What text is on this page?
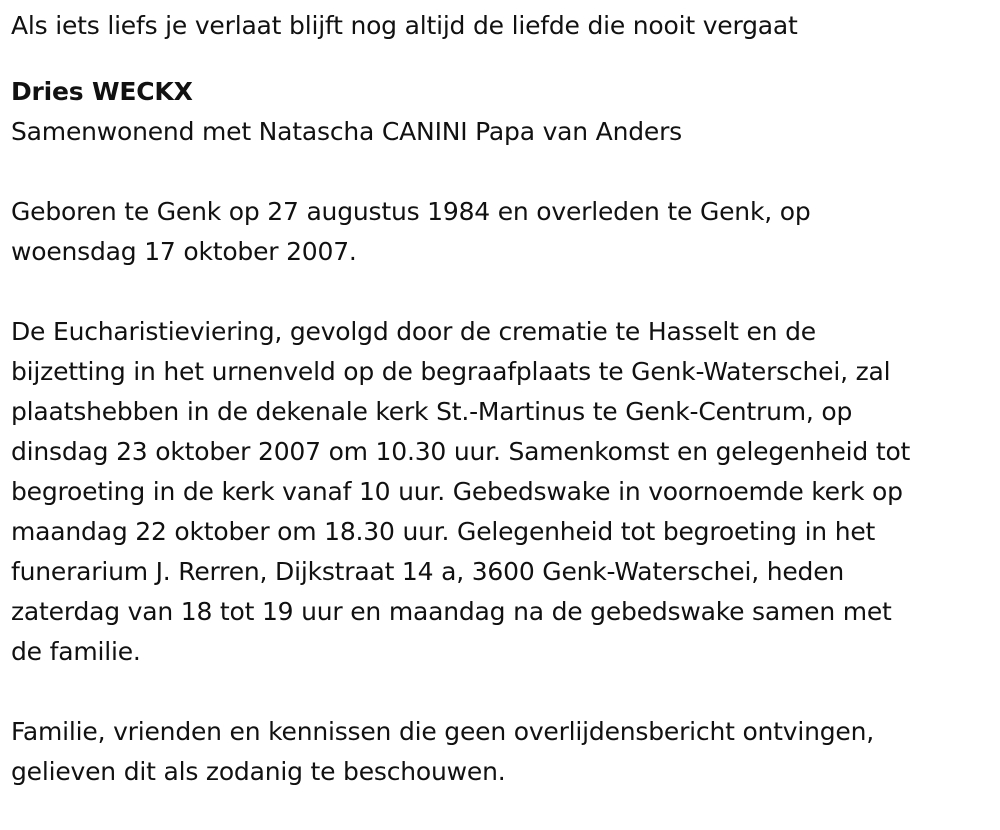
Als iets liefs je verlaat blijft nog altijd de liefde die nooit vergaat

Dries WECKX

Samenwonend met Natascha CANINI Papa van Anders

Geboren te Genk op 27 augustus 1984 en overleden te Genk, op

woensdag 17 oktober 2007.

De Eucharistieviering, gevolgd door de crematie te Hasselt en de

bijzetting in het urnenveld op de begraafplaats te Genk-Waterschei, zal

plaatshebben in de dekenale kerk St.-Martinus te Genk-Centrum, op

dinsdag 23 oktober 2007 om 10.30 uur. Samenkomst en gelegenheid tot

begroeting in de kerk vanaf 10 uur. Gebedswake in voornoemde kerk op

maandag 22 oktober om 18.30 uur. Gelegenheid tot begroeting in het

funerarium J. Rerren, Dijkstraat 14 a, 3600 Genk-Waterschei, heden

zaterdag van 18 tot 19 uur en maandag na de gebedswake samen met

de familie.

Familie, vrienden en kennissen die geen overlijdensbericht ontvingen,

gelieven dit als zodanig te beschouwen.
